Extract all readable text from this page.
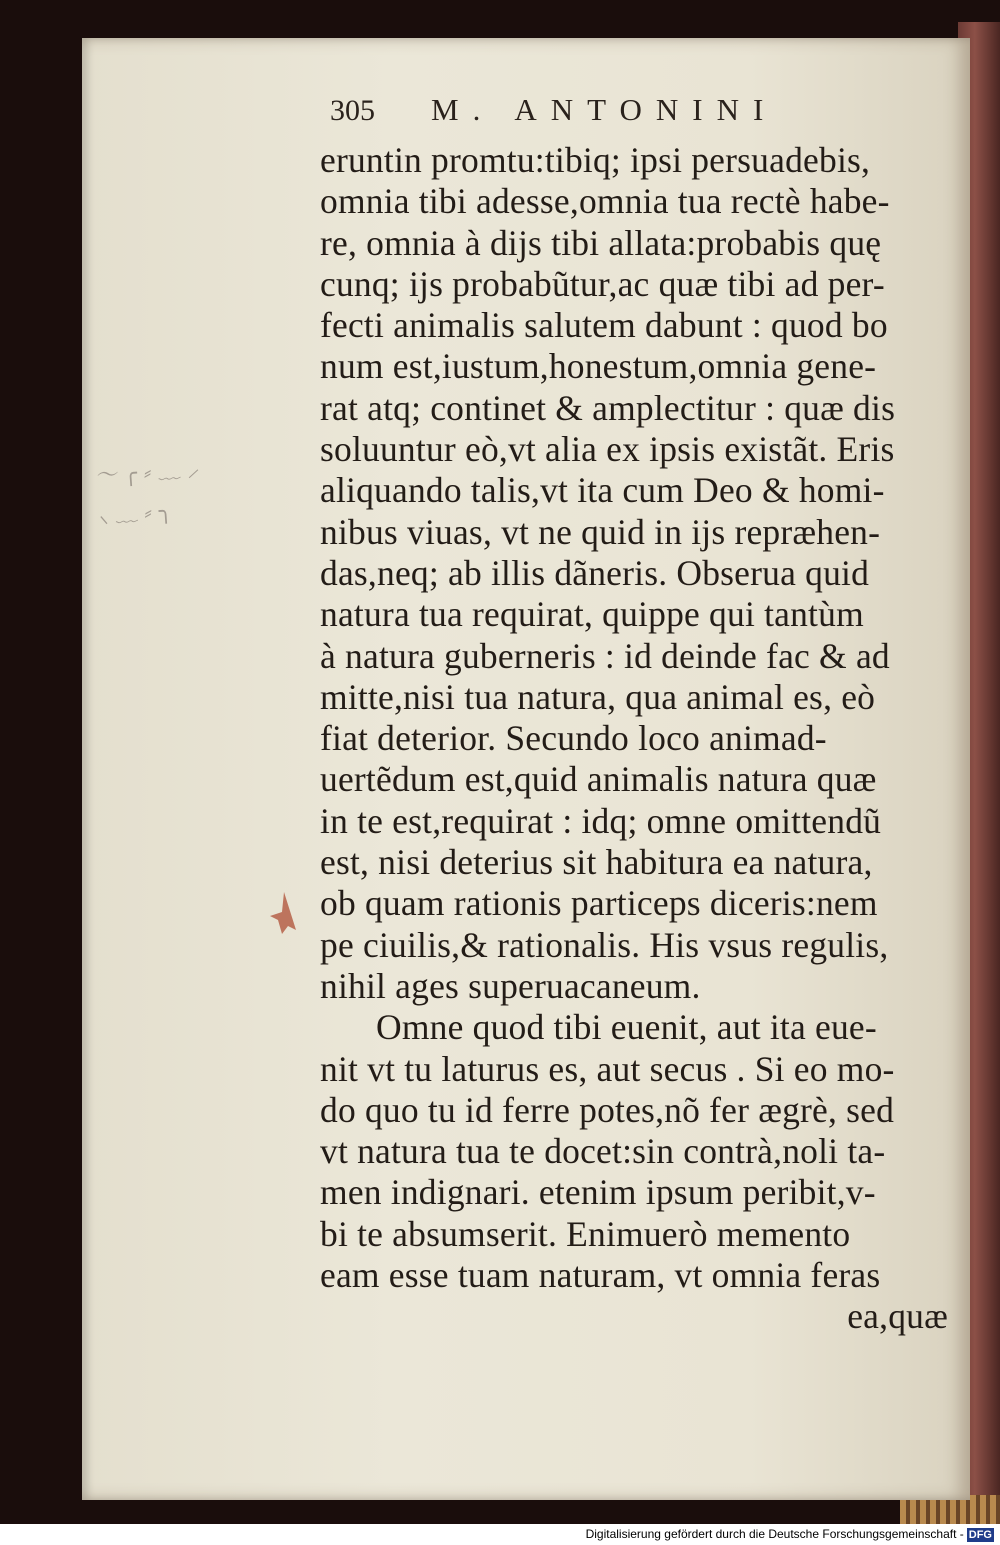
〜 ╭ ⸗ ﹏ ⸝
⸜ ﹏ ⸗ ╮
305 M. ANTONINI
eruntin promtu:tibiq; ipsi persuadebis,
omnia tibi adesse,omnia tua rectè habe-
re, omnia à dijs tibi allata:probabis quę
cunq; ijs probabũtur,ac quæ tibi ad per-
fecti animalis salutem dabunt : quod bo
num est,iustum,honestum,omnia gene-
rat atq; continet & amplectitur : quæ dis
soluuntur eò,vt alia ex ipsis existãt. Eris
aliquando talis,vt ita cum Deo & homi-
nibus viuas, vt ne quid in ijs repræhen-
das,neq; ab illis dãneris. Obserua quid
natura tua requirat, quippe qui tantùm
à natura guberneris : id deinde fac & ad
mitte,nisi tua natura, qua animal es, eò
fiat deterior. Secundo loco animad-
uertẽdum est,quid animalis natura quæ
in te est,requirat : idq; omne omittendũ
est, nisi deterius sit habitura ea natura,
ob quam rationis particeps diceris:nem
pe ciuilis,& rationalis. His vsus regulis,
nihil ages superuacaneum.
Omne quod tibi euenit, aut ita eue-
nit vt tu laturus es, aut secus . Si eo mo-
do quo tu id ferre potes,nõ fer ægrè, sed
vt natura tua te docet:sin contrà,noli ta-
men indignari. etenim ipsum peribit,v-
bi te absumserit. Enimuerò memento
eam esse tuam naturam, vt omnia feras
ea,quæ
Digitalisierung gefördert durch die Deutsche Forschungsgemeinschaft - DFG
